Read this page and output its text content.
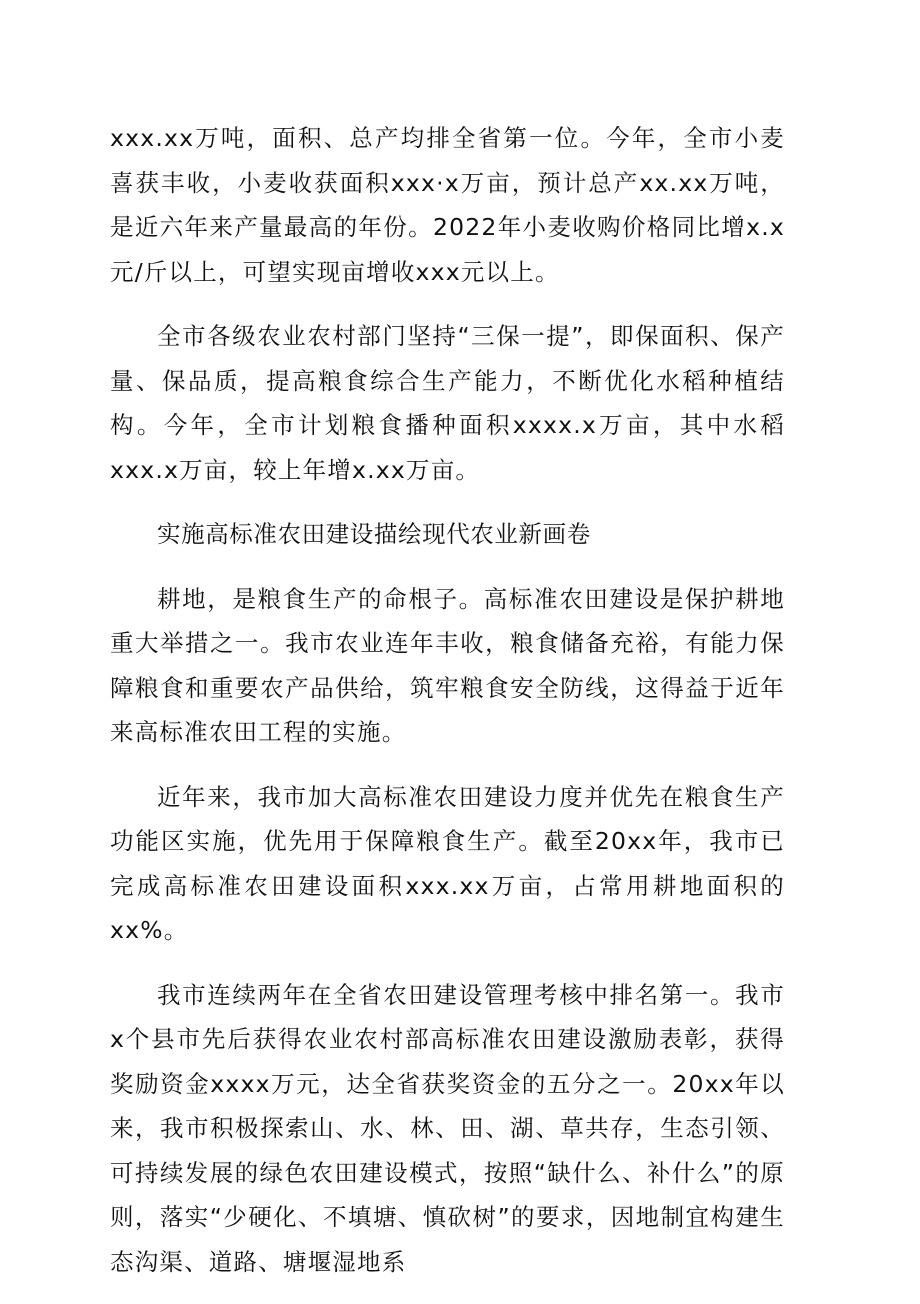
xxx.xx万吨，面积、总产均排全省第一位。今年，全市小麦喜获丰收，小麦收获面积xxx·x万亩，预计总产xx.xx万吨，是近六年来产量最高的年份。2022年小麦收购价格同比增x.x元/斤以上，可望实现亩增收xxx元以上。

全市各级农业农村部门坚持“三保一提”，即保面积、保产量、保品质，提高粮食综合生产能力，不断优化水稻种植结构。今年，全市计划粮食播种面积xxxx.x万亩，其中水稻xxx.x万亩，较上年增x.xx万亩。

实施高标准农田建设描绘现代农业新画卷

耕地，是粮食生产的命根子。高标准农田建设是保护耕地重大举措之一。我市农业连年丰收，粮食储备充裕，有能力保障粮食和重要农产品供给，筑牢粮食安全防线，这得益于近年来高标准农田工程的实施。

近年来，我市加大高标准农田建设力度并优先在粮食生产功能区实施，优先用于保障粮食生产。截至20xx年，我市已完成高标准农田建设面积xxx.xx万亩，占常用耕地面积的xx%。

我市连续两年在全省农田建设管理考核中排名第一。我市x个县市先后获得农业农村部高标准农田建设激励表彰，获得奖励资金xxxx万元，达全省获奖资金的五分之一。20xx年以来，我市积极探索山、水、林、田、湖、草共存，生态引领、可持续发展的绿色农田建设模式，按照“缺什么、补什么”的原则，落实“少硬化、不填塘、慎砍树”的要求，因地制宜构建生态沟渠、道路、塘堰湿地系
